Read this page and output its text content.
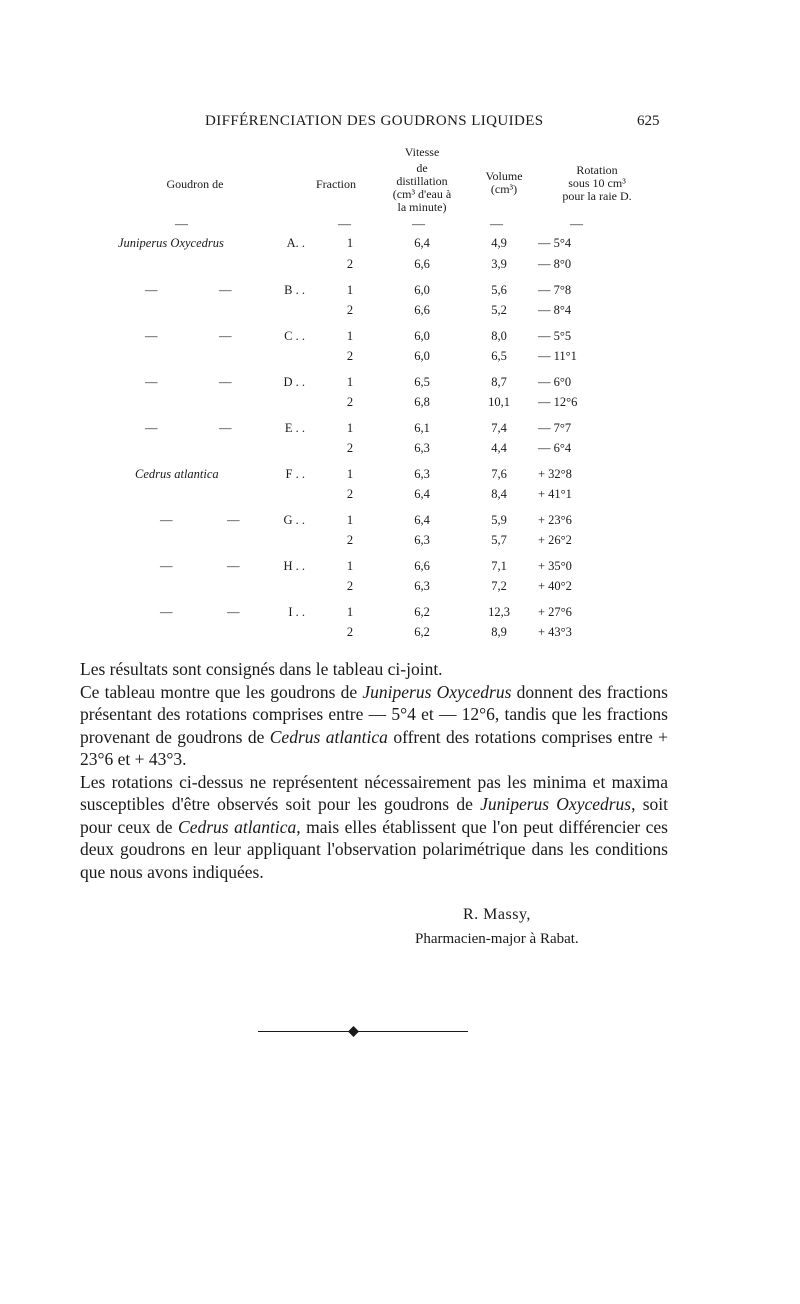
DIFFÉRENCIATION DES GOUDRONS LIQUIDES	625
Goudron de	Fraction
Vitesse
de
distillation
(cm³ d'eau à
la minute)
Volume
(cm³)
Rotation
sous 10 cm³
pour la raie D.
—	—	—	—	—
Juniperus Oxycedrus	A. .	1	6,4	4,9	— 5°4
2	6,6	3,9	— 8°0
—	—	B . .	1	6,0	5,6	— 7°8
2	6,6	5,2	— 8°4
—	—	C . .	1	6,0	8,0	— 5°5
2	6,0	6,5	— 11°1
—	—	D . .	1	6,5	8,7	— 6°0
2	6,8	10,1	— 12°6
—	—	E . .	1	6,1	7,4	— 7°7
2	6,3	4,4	— 6°4
Cedrus atlantica	F . .	1	6,3	7,6	+ 32°8
2	6,4	8,4	+ 41°1
—	—	G . .	1	6,4	5,9	+ 23°6
2	6,3	5,7	+ 26°2
—	—	H . .	1	6,6	7,1	+ 35°0
2	6,3	7,2	+ 40°2
—	—	I . .	1	6,2	12,3	+ 27°6
2	6,2	8,9	+ 43°3

Les résultats sont consignés dans le tableau ci-joint.

Ce tableau montre que les goudrons de Juniperus Oxycedrus donnent des fractions présentant des rotations comprises entre — 5°4 et — 12°6, tandis que les fractions provenant de goudrons de Cedrus atlantica offrent des rotations comprises entre + 23°6 et + 43°3.

Les rotations ci-dessus ne représentent nécessairement pas les minima et maxima susceptibles d'être observés soit pour les goudrons de Juniperus Oxycedrus, soit pour ceux de Cedrus atlantica, mais elles établissent que l'on peut différencier ces deux goudrons en leur appliquant l'observation polarimétrique dans les conditions que nous avons indiquées.

R. Massy,
Pharmacien-major à Rabat.
